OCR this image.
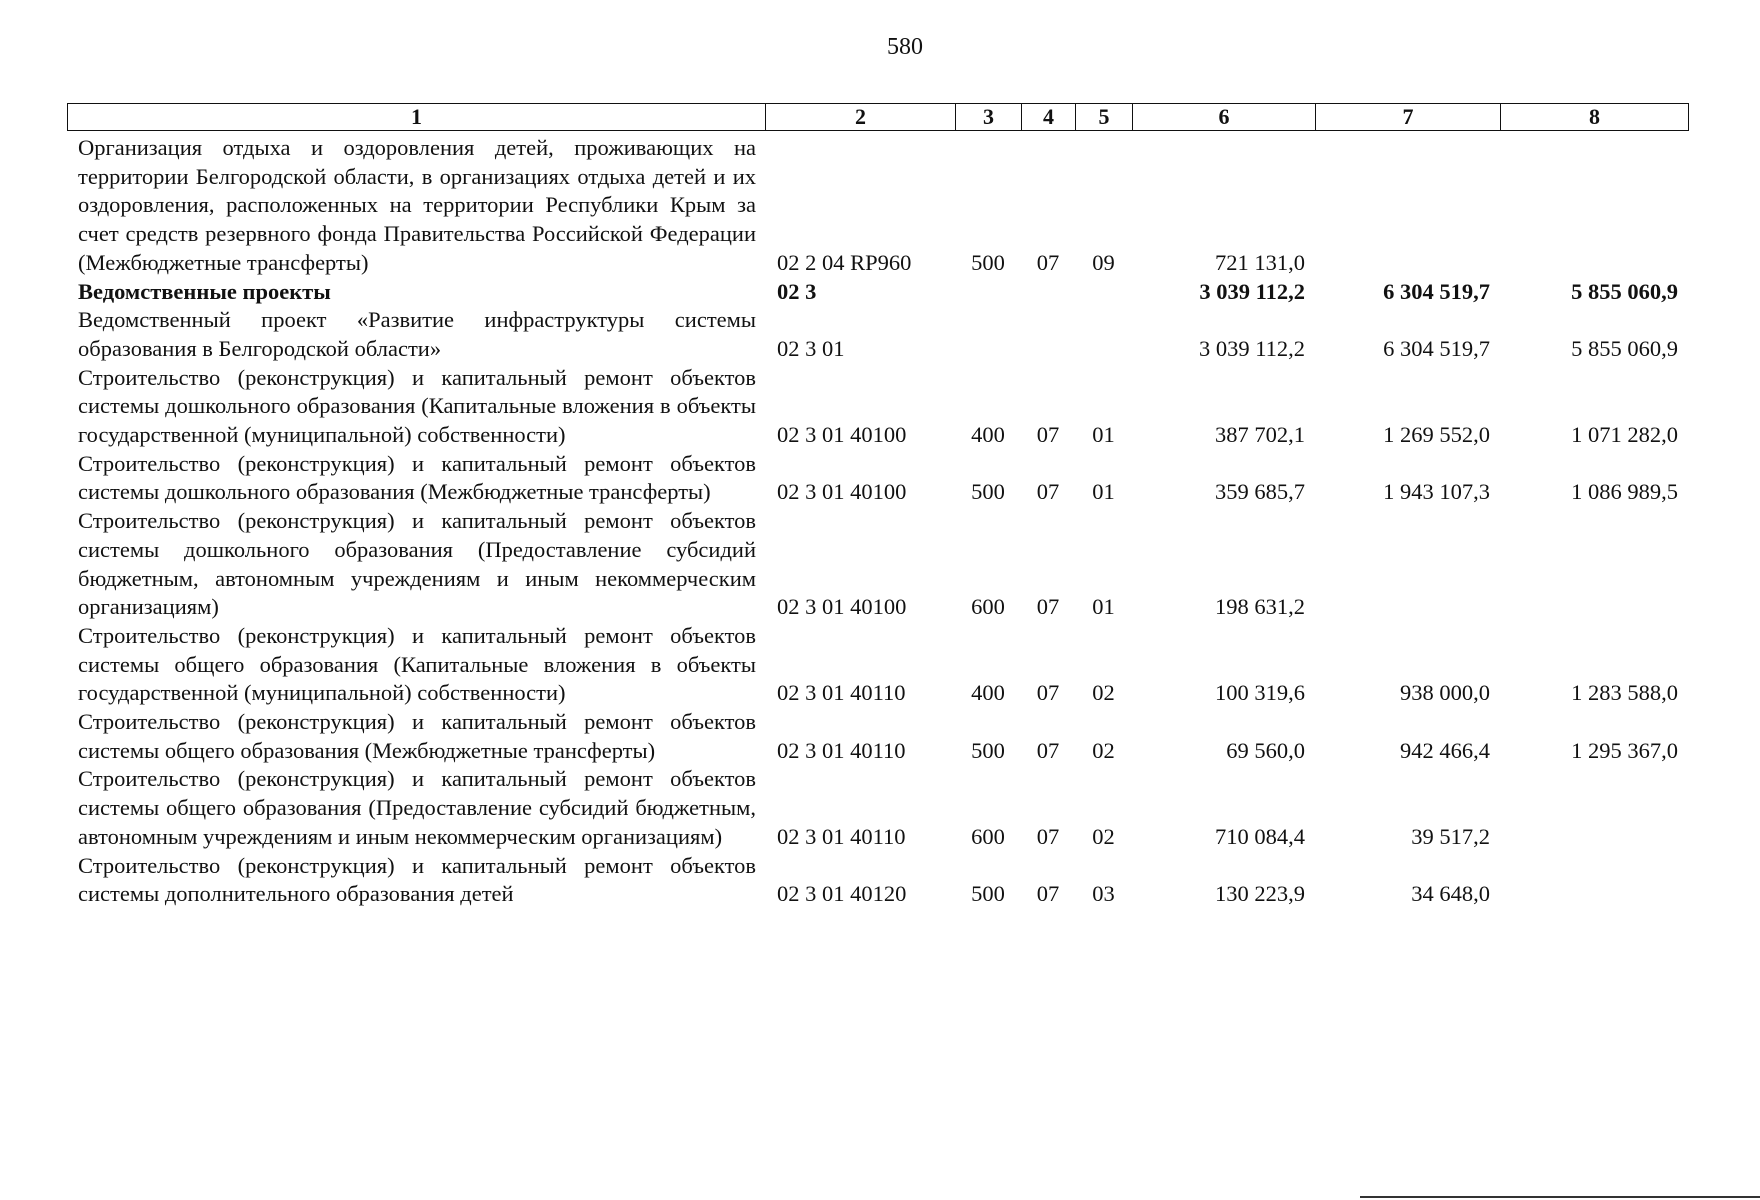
580
1	2	3	4	5	6	7	8
Организация отдыха и оздоровления детей, проживающих на территории Белгородской области, в организациях отдыха детей и их оздоровления, расположенных на территории Республики Крым за счет средств резервного фонда Правительства Российской Федерации (Межбюджетные трансферты)	02 2 04 RP960	500	07	09	721 131,0		
Ведомственные проекты	02 3				3 039 112,2	6 304 519,7	5 855 060,9
Ведомственный проект «Развитие инфраструктуры системы образования в Белгородской области»	02 3 01				3 039 112,2	6 304 519,7	5 855 060,9
Строительство (реконструкция) и капитальный ремонт объектов системы дошкольного образования (Капитальные вложения в объекты государственной (муниципальной) собственности)	02 3 01 40100	400	07	01	387 702,1	1 269 552,0	1 071 282,0
Строительство (реконструкция) и капитальный ремонт объектов системы дошкольного образования (Межбюджетные трансферты)	02 3 01 40100	500	07	01	359 685,7	1 943 107,3	1 086 989,5
Строительство (реконструкция) и капитальный ремонт объектов системы дошкольного образования (Предоставление субсидий бюджетным, автономным учреждениям и иным некоммерческим организациям)	02 3 01 40100	600	07	01	198 631,2		
Строительство (реконструкция) и капитальный ремонт объектов системы общего образования (Капитальные вложения в объекты государственной (муниципальной) собственности)	02 3 01 40110	400	07	02	100 319,6	938 000,0	1 283 588,0
Строительство (реконструкция) и капитальный ремонт объектов системы общего образования (Межбюджетные трансферты)	02 3 01 40110	500	07	02	69 560,0	942 466,4	1 295 367,0
Строительство (реконструкция) и капитальный ремонт объектов системы общего образования (Предоставление субсидий бюджетным, автономным учреждениям и иным некоммерческим организациям)	02 3 01 40110	600	07	02	710 084,4	39 517,2	
Строительство (реконструкция) и капитальный ремонт объектов системы дополнительного образования детей	02 3 01 40120	500	07	03	130 223,9	34 648,0	
